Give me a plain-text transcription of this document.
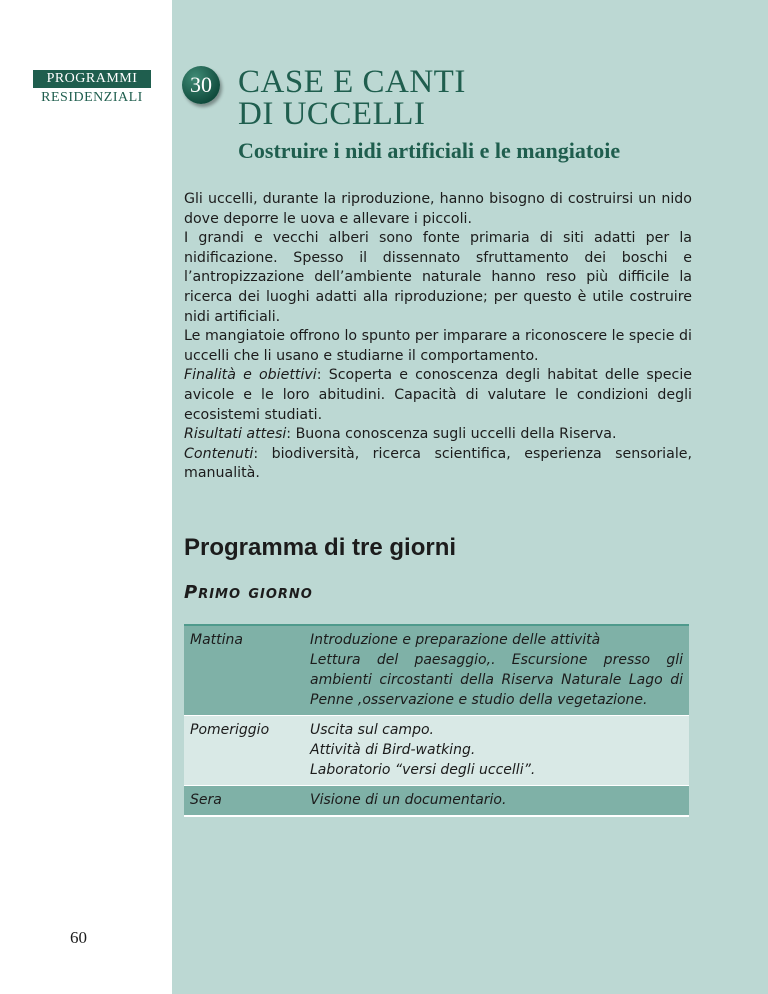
PROGRAMMI
RESIDENZIALI
60
30 CASE E CANTI
DI UCCELLI
Costruire i nidi artificiali e le mangiatoie

Gli uccelli, durante la riproduzione, hanno bisogno di costruirsi un nido dove deporre le uova e allevare i piccoli.

I grandi e vecchi alberi sono fonte primaria di siti adatti per la nidificazione. Spesso il dissennato sfruttamento dei boschi e l’antropizzazione dell’ambiente naturale hanno reso più difficile la ricerca dei luoghi adatti alla riproduzione; per questo è utile costruire nidi artificiali.

Le mangiatoie offrono lo spunto per imparare a riconoscere le specie di uccelli che li usano e studiarne il comportamento.

Finalità e obiettivi: Scoperta e conoscenza degli habitat delle specie avicole e le loro abitudini. Capacità di valutare le condizioni degli ecosistemi studiati.

Risultati attesi: Buona conoscenza sugli uccelli della Riserva.

Contenuti: biodiversità, ricerca scientifica, esperienza sensoriale, manualità.

Programma di tre giorni
PRIMO GIORNO
Mattina	Introduzione e preparazione delle attività
Lettura del paesaggio,. Escursione presso gli ambienti circostanti della Riserva Naturale Lago di Penne ,osservazione e studio della vegetazione.
Pomeriggio	Uscita sul campo.
Attività di Bird-watking.
Laboratorio “versi degli uccelli”.
Sera	Visione di un documentario.
